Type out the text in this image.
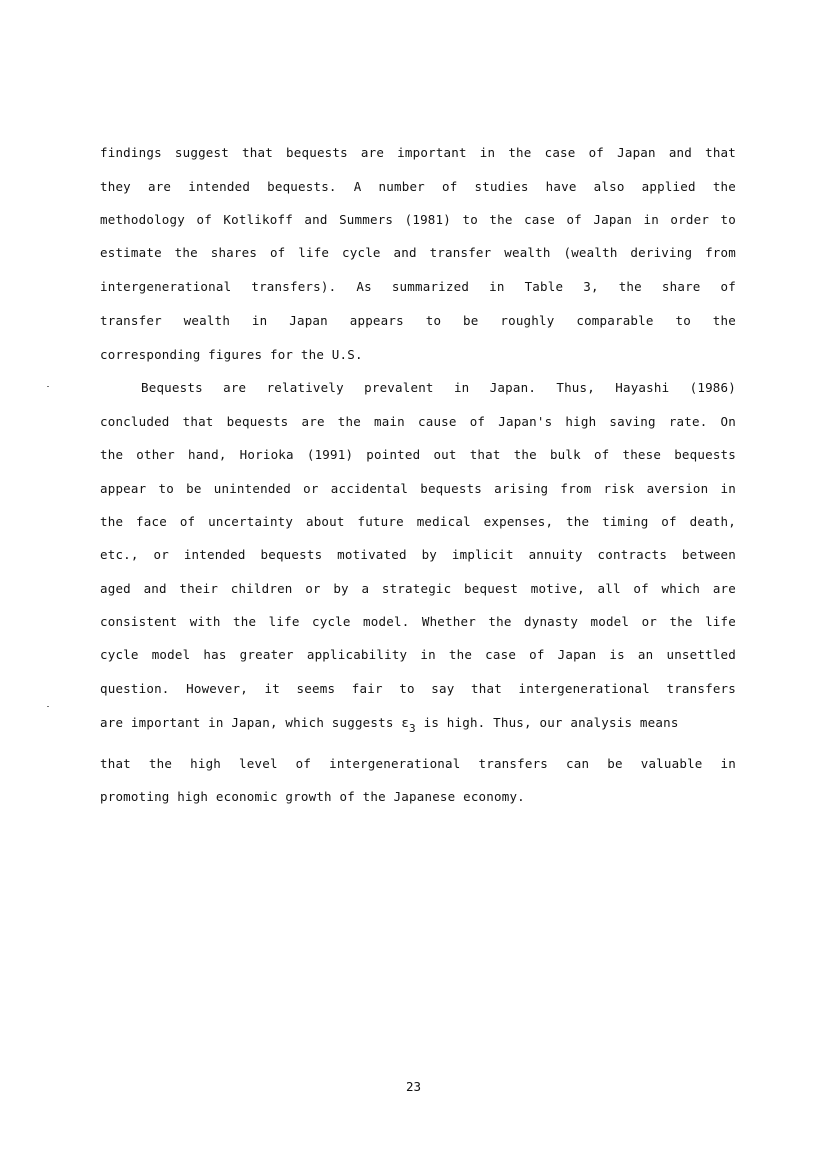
findings suggest that bequests are important in the case of Japan and that
they are intended bequests. A number of studies have also applied the
methodology of Kotlikoff and Summers (1981) to the case of Japan in order to
estimate the shares of life cycle and transfer wealth (wealth deriving from
intergenerational transfers). As summarized in Table 3, the share of
transfer wealth in Japan appears to be roughly comparable to the
corresponding figures for the U.S.
Bequests are relatively prevalent in Japan. Thus, Hayashi (1986)
concluded that bequests are the main cause of Japan's high saving rate. On
the other hand, Horioka (1991) pointed out that the bulk of these bequests
appear to be unintended or accidental bequests arising from risk aversion in
the face of uncertainty about future medical expenses, the timing of death,
etc., or intended bequests motivated by implicit annuity contracts between
aged and their children or by a strategic bequest motive, all of which are
consistent with the life cycle model. Whether the dynasty model or the life
cycle model has greater applicability in the case of Japan is an unsettled
question. However, it seems fair to say that intergenerational transfers
are important in Japan, which suggests ε3 is high. Thus, our analysis means
that the high level of intergenerational transfers can be valuable in
promoting high economic growth of the Japanese economy.
23
